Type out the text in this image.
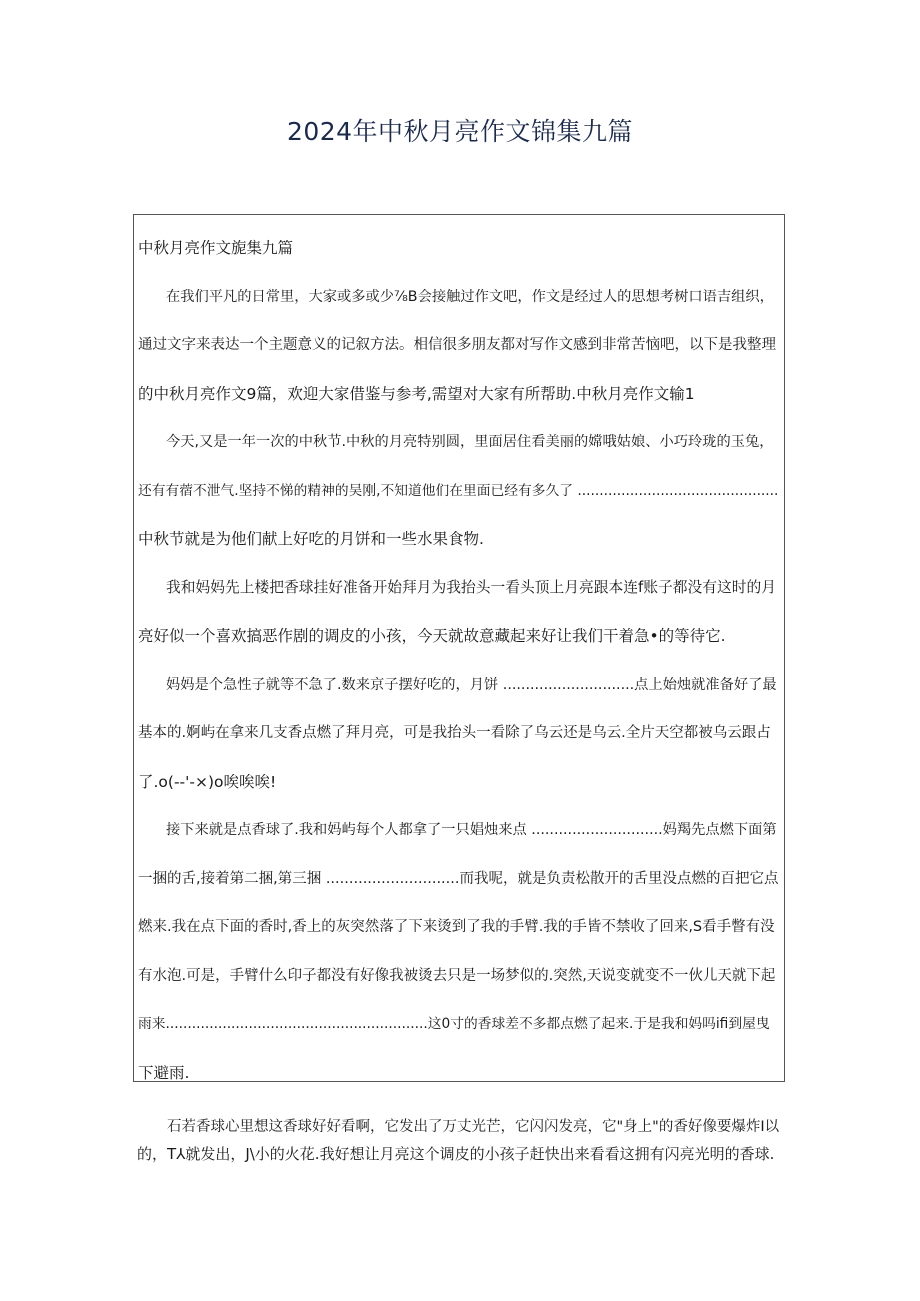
2024年中秋月亮作文锦集九篇
中秋月亮作文旎集九篇
在我们平凡的日常里，大家或多或少⅞B会接触过作文吧，作文是经过人的思想考树口语吉组织，
通过文字来表达一个主题意义的记叙方法。相信很多朋友都对写作文感到非常苦恼吧，以下是我整理
的中秋月亮作文9篇，欢迎大家借鉴与参考,需望对大家有所帮助.中秋月亮作文输1
今天,又是一年一次的中秋节.中秋的月亮特别圆，里面居住看美丽的嫦哦姑娘、小巧玲珑的玉兔，
还有有蓿不泄气.坚持不悌的精神的吴刚,不知道他们在里面已经有多久了 ..............................................
中秋节就是为他们献上好吃的月饼和一些水果食物.
我和妈妈先上楼把香球挂好准备开始拜月为我抬头一看头顶上月亮跟本连f账子都没有这时的月
亮好似一个喜欢搞恶作剧的调皮的小孩，今天就故意藏起来好让我们干着急•的等待它.
妈妈是个急性子就等不急了.数来京子摆好吃的，月饼 .............................点上始烛就准备好了最
基本的.婀屿在拿来几支香点燃了拜月亮，可是我抬头一看除了乌云还是乌云.全片天空都被乌云跟占
了.o(--'-×)o唉唉唉!
接下来就是点香球了.我和妈屿每个人都拿了一只娼烛来点 .............................妈羯先点燃下面第
一捆的舌,接着第二捆,第三捆 .............................而我呢，就是负责松散开的舌里没点燃的百把它点
燃来.我在点下面的香时,香上的灰突然落了下来烫到了我的手臂.我的手皆不禁收了回来,S看手瞥有没
有水泡.可是，手臂什么印子都没有好像我被烫去只是一场梦似的.突然,天说变就变不一伙儿天就下起
雨来............................................................这0寸的香球差不多都点燃了起来.于是我和妈吗ifi到屋曳
下避雨.
石若香球心里想这香球好好看啊，它发出了万丈光芒，它闪闪发亮，它"身上"的香好像要爆炸I以
的，T⅄就发出，J\小的火花.我好想让月亮这个调皮的小孩子赶快出来看看这拥有闪亮光明的香球.
